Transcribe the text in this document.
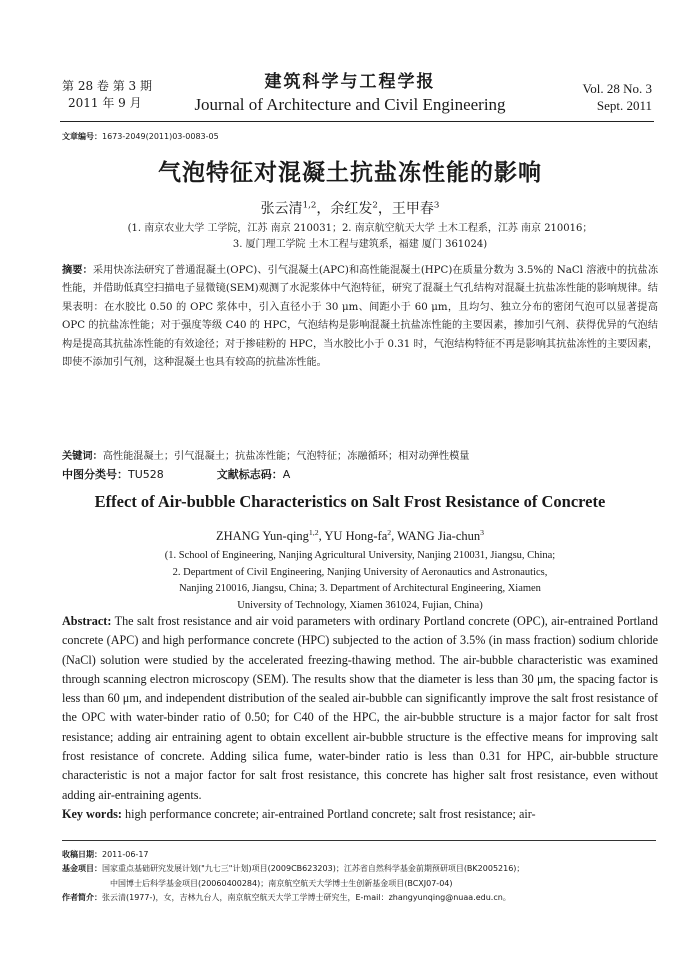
第 28 卷 第 3 期
2011 年 9 月
建筑科学与工程学报
Journal of Architecture and Civil Engineering
Vol. 28 No. 3
Sept. 2011
文章编号：1673-2049(2011)03-0083-05
气泡特征对混凝土抗盐冻性能的影响
张云清$^{1,2}$，余红发$^2$，王甲春$^3$
(1. 南京农业大学 工学院，江苏 南京 210031；2. 南京航空航天大学 土木工程系，江苏 南京 210016；
3. 厦门理工学院 土木工程与建筑系，福建 厦门 361024)
摘要：采用快冻法研究了普通混凝土(OPC)、引气混凝土(APC)和高性能混凝土(HPC)在质量分数为 3.5%的 NaCl 溶液中的抗盐冻性能，并借助低真空扫描电子显微镜(SEM)观测了水泥浆体中气泡特征，研究了混凝土气孔结构对混凝土抗盐冻性能的影响规律。结果表明：在水胶比 0.50 的 OPC 浆体中，引入直径小于 30 μm、间距小于 60 μm，且均匀、独立分布的密闭气泡可以显著提高 OPC 的抗盐冻性能；对于强度等级 C40 的 HPC，气泡结构是影响混凝土抗盐冻性能的主要因素，掺加引气剂、获得优异的气泡结构是提高其抗盐冻性能的有效途径；对于掺硅粉的 HPC，当水胶比小于 0.31 时，气泡结构特征不再是影响其抗盐冻性的主要因素，即使不添加引气剂，这种混凝土也具有较高的抗盐冻性能。
关键词：高性能混凝土；引气混凝土；抗盐冻性能；气泡特征；冻融循环；相对动弹性模量
中图分类号：TU528	文献标志码：A
Effect of Air-bubble Characteristics on Salt Frost Resistance of Concrete
ZHANG Yun-qing$^{1,2}$, YU Hong-$fa^2$, WANG Jia-chun$^3$
(1. School of Engineering, Nanjing Agricultural University, Nanjing 210031, Jiangsu, China;
2. Department of Civil Engineering, Nanjing University of Aeronautics and Astronautics,
Nanjing 210016, Jiangsu, China; 3. Department of Architectural Engineering, Xiamen
University of Technology, Xiamen 361024, Fujian, China)
Abstract: The salt frost resistance and air void parameters with ordinary Portland concrete (OPC), air-entrained Portland concrete (APC) and high performance concrete (HPC) subjected to the action of 3.5% (in mass fraction) sodium chloride (NaCl) solution were studied by the accelerated freezing-thawing method. The air-bubble characteristic was examined through scanning electron microscopy (SEM). The results show that the diameter is less than 30 μm, the spacing factor is less than 60 μm, and independent distribution of the sealed air-bubble can significantly improve the salt frost resistance of the OPC with water-binder ratio of 0.50; for C40 of the HPC, the air-bubble structure is a major factor for salt frost resistance; adding air entraining agent to obtain excellent air-bubble structure is the effective means for improving salt frost resistance of concrete. Adding silica fume, water-binder ratio is less than 0.31 for HPC, air-bubble structure characteristic is not a major factor for salt frost resistance, this concrete has higher salt frost resistance, even without adding air-entraining agents.
Key words: high performance concrete; air-entrained Portland concrete; salt frost resistance; air-
收稿日期：2011-06-17
基金项目：国家重点基础研究发展计划("九七三"计划)项目(2009CB623203)；江苏省自然科学基金前期预研项目(BK2005216)；
中国博士后科学基金项目(20060400284)；南京航空航天大学博士生创新基金项目(BCXJ07-04)
作者简介：张云清(1977-)，女，吉林九台人，南京航空航天大学工学博士研究生，E-mail：zhangyunqing@nuaa.edu.cn。
